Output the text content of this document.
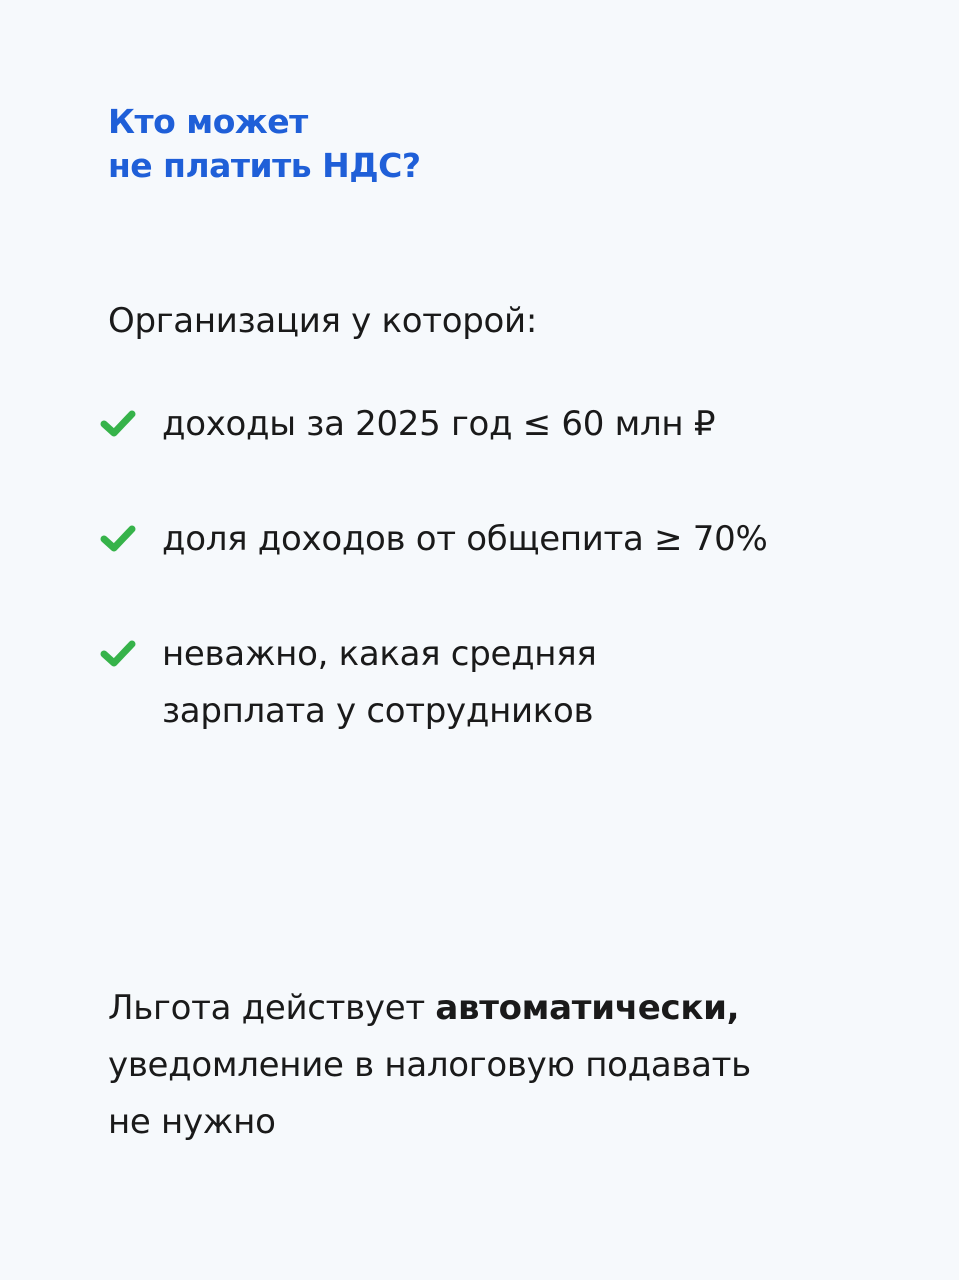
Кто может
не платить НДС?

Организация у которой:

доходы за 2025 год ≤ 60 млн ₽
доля доходов от общепита ≥ 70%
неважно, какая средняя
зарплата у сотрудников

Льгота действует автоматически,
уведомление в налоговую подавать
не нужно
